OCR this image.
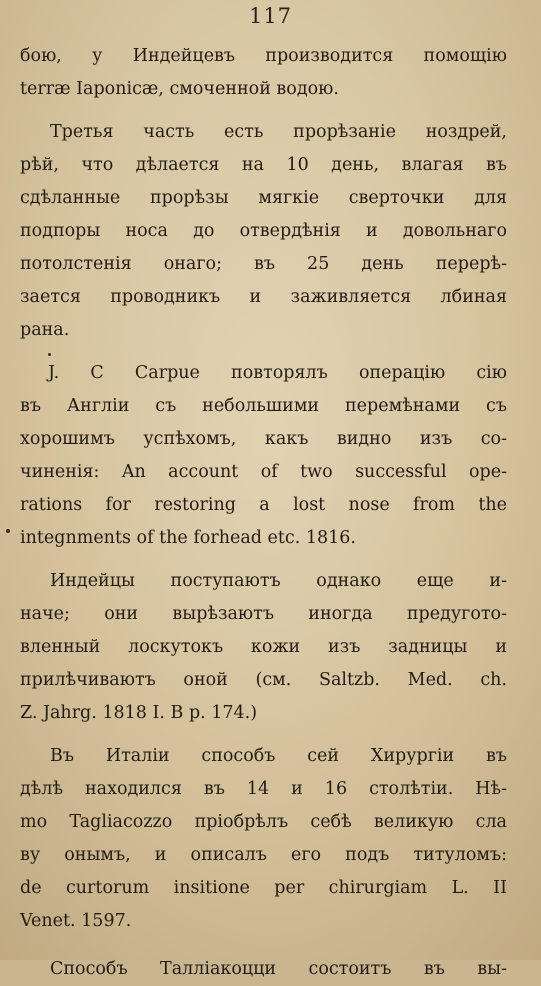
117
бою, у Индейцевъ производится помощію
terræ Iaponicæ, смоченной водою.
Третья часть есть прорѣзаніе ноздрей,
рѣй, что дѣлается на 10 день, влагая въ
сдѣланные прорѣзы мягкіе сверточки для
подпоры носа до отвердѣнія и довольнаго
потолстенія онаго; въ 25 день перерѣ-
зается проводникъ и заживляется лбиная
рана.
J. C Carpue повторялъ операцію сію
въ Англіи съ небольшими перемѣнами съ
хорошимъ успѣхомъ, какъ видно изъ со-
чиненія: An account of two successful ope-
rations for restoring a lost nose from the
integnments of the forhead etc. 1816.
Индейцы поступаютъ однако еще и-
наче; они вырѣзаютъ иногда предугото-
вленный лоскутокъ кожи изъ задницы и
прилѣчиваютъ оной (см. Saltzb. Med. ch.
Z. Jahrg. 1818 I. B p. 174.)
Въ Италіи способъ сей Хирургіи въ
дѣлѣ находился въ 14 и 16 столѣтіи. Нѣ-
mo Tagliacozzo пріобрѣлъ себѣ великую сла
ву онымъ, и описалъ его подъ титуломъ:
de curtorum insitione per chirurgiam L. II
Venet. 1597.
Способъ Талліакоцци состоитъ въ вы-
